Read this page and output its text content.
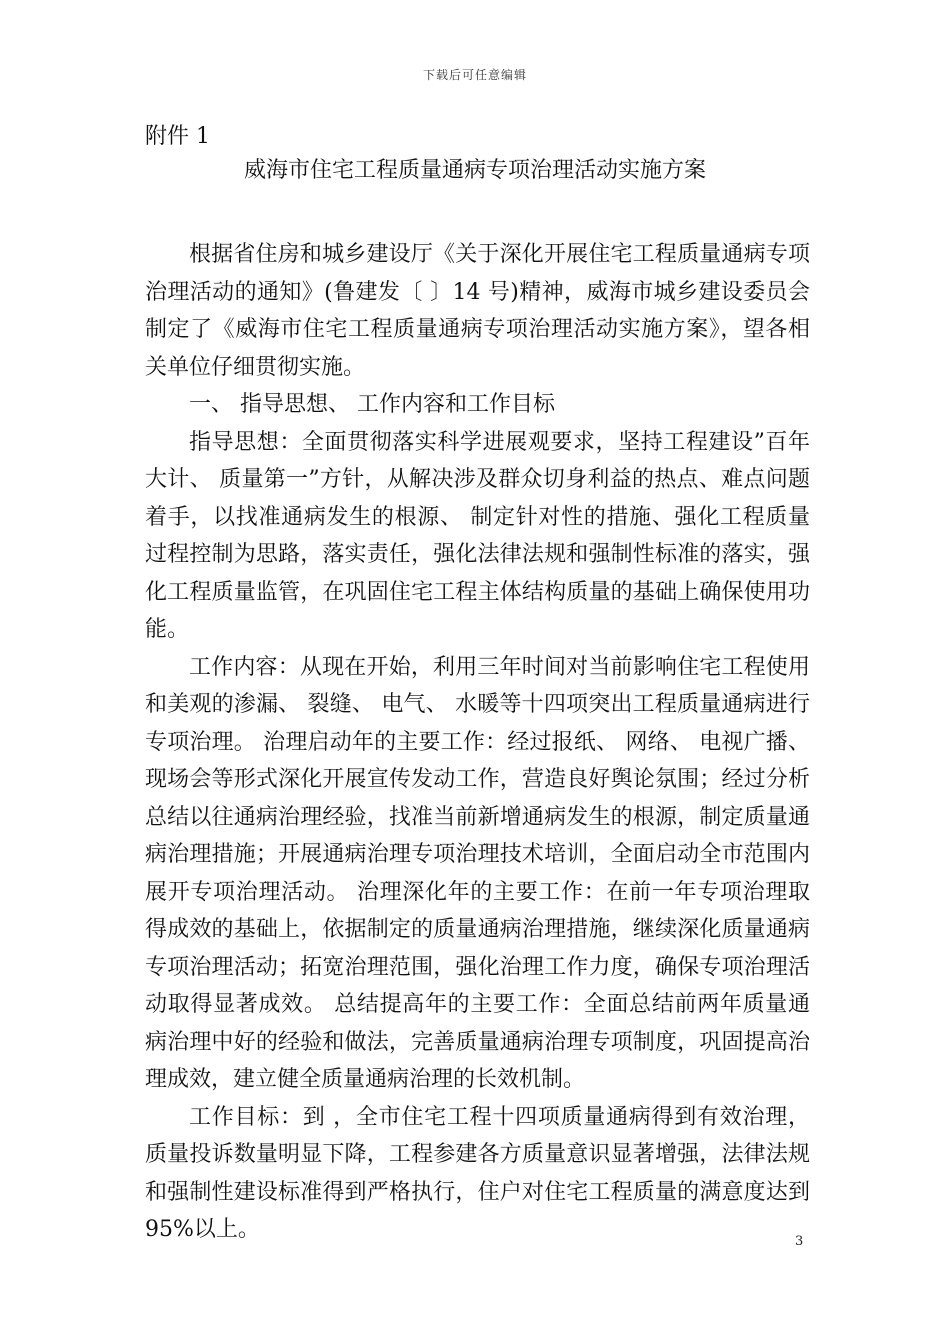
下载后可任意编辑
附件 1
威海市住宅工程质量通病专项治理活动实施方案

根据省住房和城乡建设厅《关于深化开展住宅工程质量通病专项治理活动的通知》(鲁建发〔 〕14 号)精神，威海市城乡建设委员会制定了《威海市住宅工程质量通病专项治理活动实施方案》，望各相关单位仔细贯彻实施。

一、 指导思想、 工作内容和工作目标

指导思想：全面贯彻落实科学进展观要求，坚持工程建设”百年大计、 质量第一”方针，从解决涉及群众切身利益的热点、难点问题着手，以找准通病发生的根源、 制定针对性的措施、强化工程质量过程控制为思路，落实责任，强化法律法规和强制性标准的落实，强化工程质量监管，在巩固住宅工程主体结构质量的基础上确保使用功能。

工作内容：从现在开始，利用三年时间对当前影响住宅工程使用和美观的渗漏、 裂缝、 电气、 水暖等十四项突出工程质量通病进行专项治理。 治理启动年的主要工作：经过报纸、 网络、 电视广播、 现场会等形式深化开展宣传发动工作，营造良好舆论氛围；经过分析总结以往通病治理经验，找准当前新增通病发生的根源，制定质量通病治理措施；开展通病治理专项治理技术培训，全面启动全市范围内展开专项治理活动。 治理深化年的主要工作：在前一年专项治理取得成效的基础上，依据制定的质量通病治理措施，继续深化质量通病专项治理活动；拓宽治理范围，强化治理工作力度，确保专项治理活动取得显著成效。 总结提高年的主要工作：全面总结前两年质量通病治理中好的经验和做法，完善质量通病治理专项制度，巩固提高治理成效，建立健全质量通病治理的长效机制。

工作目标：到 ，全市住宅工程十四项质量通病得到有效治理，质量投诉数量明显下降，工程参建各方质量意识显著增强，法律法规和强制性建设标准得到严格执行，住户对住宅工程质量的满意度达到95%以上。	3
